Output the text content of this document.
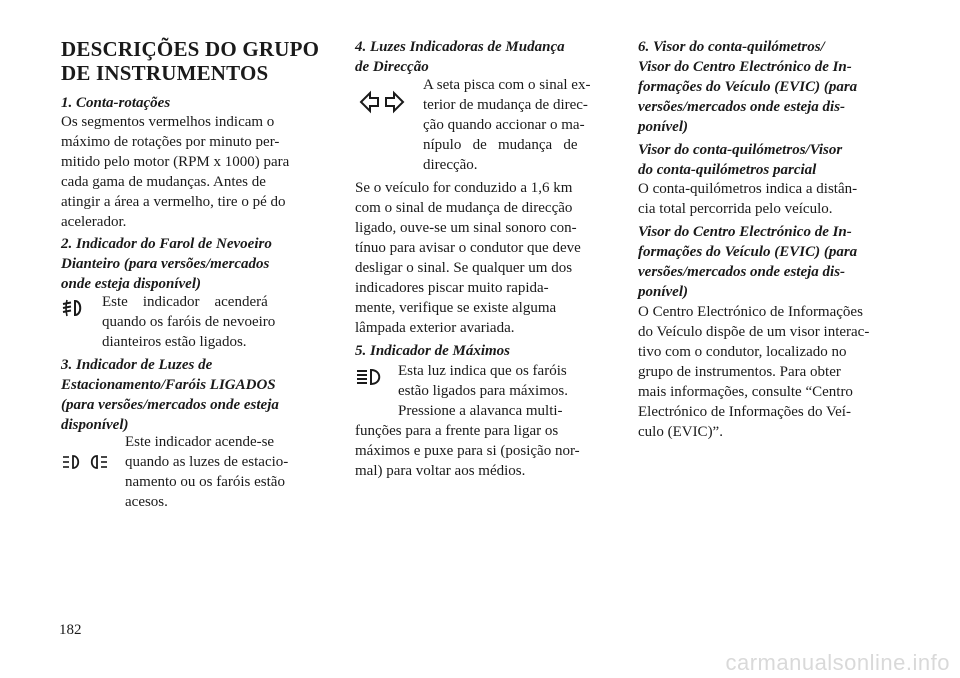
DESCRIÇÕES DO GRUPO
DE INSTRUMENTOS

1. Conta-rotações

Os segmentos vermelhos indicam o
máximo de rotações por minuto per-
mitido pelo motor (RPM x 1000) para
cada gama de mudanças. Antes de
atingir a área a vermelho, tire o pé do
acelerador.

2. Indicador do Farol de Nevoeiro

Dianteiro (para versões/mercados

onde esteja disponível)

Este    indicador    acenderá
quando os faróis de nevoeiro
dianteiros estão ligados.

3. Indicador de Luzes de

Estacionamento/Faróis LIGADOS

(para versões/mercados onde esteja

disponível)

Este indicador acende-se
quando as luzes de estacio-
namento ou os faróis estão
acesos.

4. Luzes Indicadoras de Mudança

de Direcção

A seta pisca com o sinal ex-
terior de mudança de direc-
ção quando accionar o ma-
nípulo   de   mudança   de
direcção.
Se o veículo for conduzido a 1,6 km
com o sinal de mudança de direcção
ligado, ouve-se um sinal sonoro con-
tínuo para avisar o condutor que deve
desligar o sinal. Se qualquer um dos
indicadores piscar muito rapida-
mente, verifique se existe alguma
lâmpada exterior avariada.

5. Indicador de Máximos

Esta luz indica que os faróis
estão ligados para máximos.
Pressione a alavanca multi-
funções para a frente para ligar os
máximos e puxe para si (posição nor-
mal) para voltar aos médios.

6. Visor do conta-quilómetros/

Visor do Centro Electrónico de In-

formações do Veículo (EVIC) (para

versões/mercados onde esteja dis-

ponível)

Visor do conta-quilómetros/Visor

do conta-quilómetros parcial

O conta-quilómetros indica a distân-
cia total percorrida pelo veículo.

Visor do Centro Electrónico de In-

formações do Veículo (EVIC) (para

versões/mercados onde esteja dis-

ponível)

O Centro Electrónico de Informações
do Veículo dispõe de um visor interac-
tivo com o condutor, localizado no
grupo de instrumentos. Para obter
mais informações, consulte “Centro
Electrónico de Informações do Veí-
culo (EVIC)”.
182
carmanualsonline.info
